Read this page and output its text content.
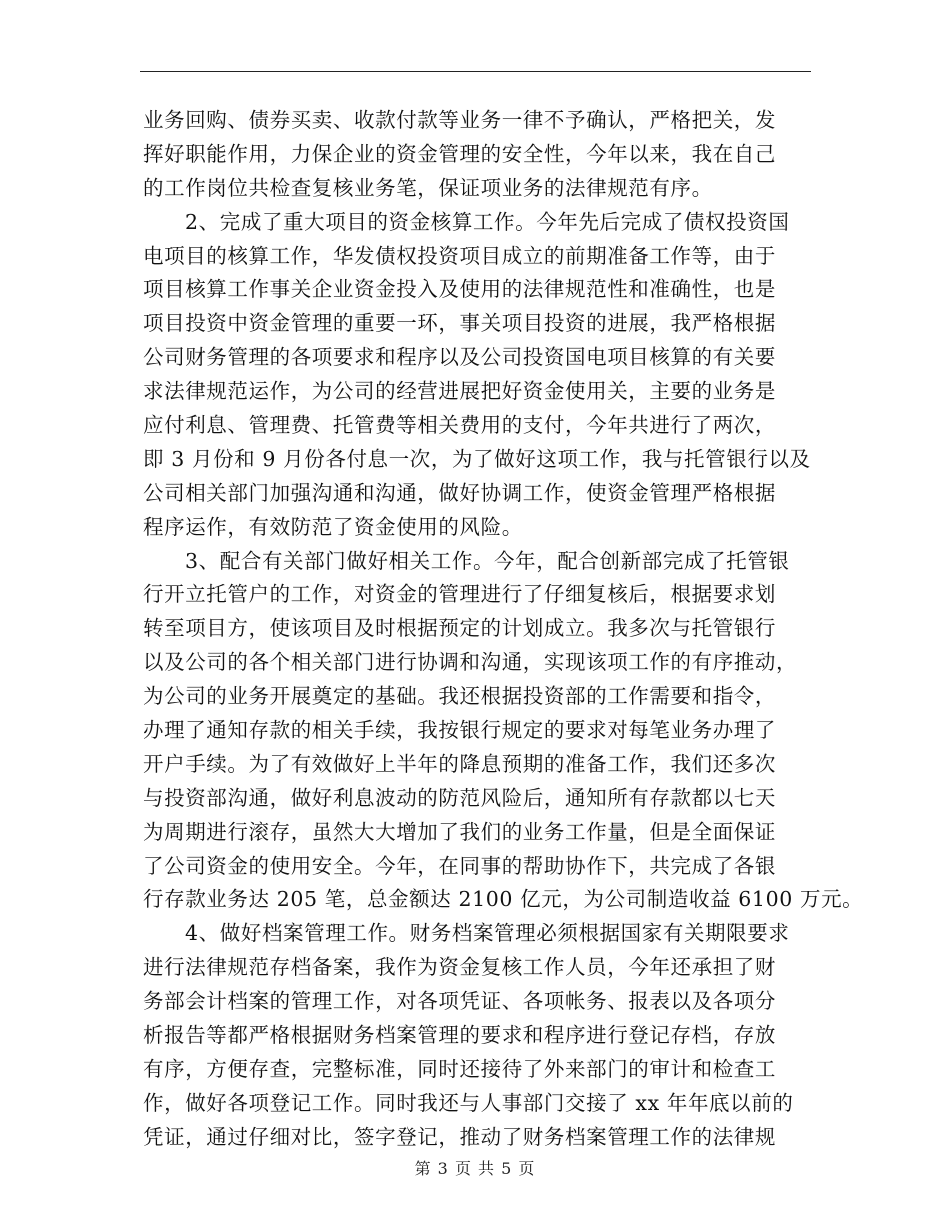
业务回购、债券买卖、收款付款等业务一律不予确认，严格把关，发
挥好职能作用，力保企业的资金管理的安全性，今年以来，我在自己
的工作岗位共检查复核业务笔，保证项业务的法律规范有序。
2、完成了重大项目的资金核算工作。今年先后完成了债权投资国
电项目的核算工作，华发债权投资项目成立的前期准备工作等，由于
项目核算工作事关企业资金投入及使用的法律规范性和准确性，也是
项目投资中资金管理的重要一环，事关项目投资的进展，我严格根据
公司财务管理的各项要求和程序以及公司投资国电项目核算的有关要
求法律规范运作，为公司的经营进展把好资金使用关，主要的业务是
应付利息、管理费、托管费等相关费用的支付，今年共进行了两次，
即 3 月份和 9 月份各付息一次，为了做好这项工作，我与托管银行以及
公司相关部门加强沟通和沟通，做好协调工作，使资金管理严格根据
程序运作，有效防范了资金使用的风险。
3、配合有关部门做好相关工作。今年，配合创新部完成了托管银
行开立托管户的工作，对资金的管理进行了仔细复核后，根据要求划
转至项目方，使该项目及时根据预定的计划成立。我多次与托管银行
以及公司的各个相关部门进行协调和沟通，实现该项工作的有序推动，
为公司的业务开展奠定的基础。我还根据投资部的工作需要和指令，
办理了通知存款的相关手续，我按银行规定的要求对每笔业务办理了
开户手续。为了有效做好上半年的降息预期的准备工作，我们还多次
与投资部沟通，做好利息波动的防范风险后，通知所有存款都以七天
为周期进行滚存，虽然大大增加了我们的业务工作量，但是全面保证
了公司资金的使用安全。今年，在同事的帮助协作下，共完成了各银
行存款业务达 205 笔，总金额达 2100 亿元，为公司制造收益 6100 万元。
4、做好档案管理工作。财务档案管理必须根据国家有关期限要求
进行法律规范存档备案，我作为资金复核工作人员，今年还承担了财
务部会计档案的管理工作，对各项凭证、各项帐务、报表以及各项分
析报告等都严格根据财务档案管理的要求和程序进行登记存档，存放
有序，方便存查，完整标准，同时还接待了外来部门的审计和检查工
作，做好各项登记工作。同时我还与人事部门交接了 xx 年年底以前的
凭证，通过仔细对比，签字登记，推动了财务档案管理工作的法律规
第 3 页 共 5 页
